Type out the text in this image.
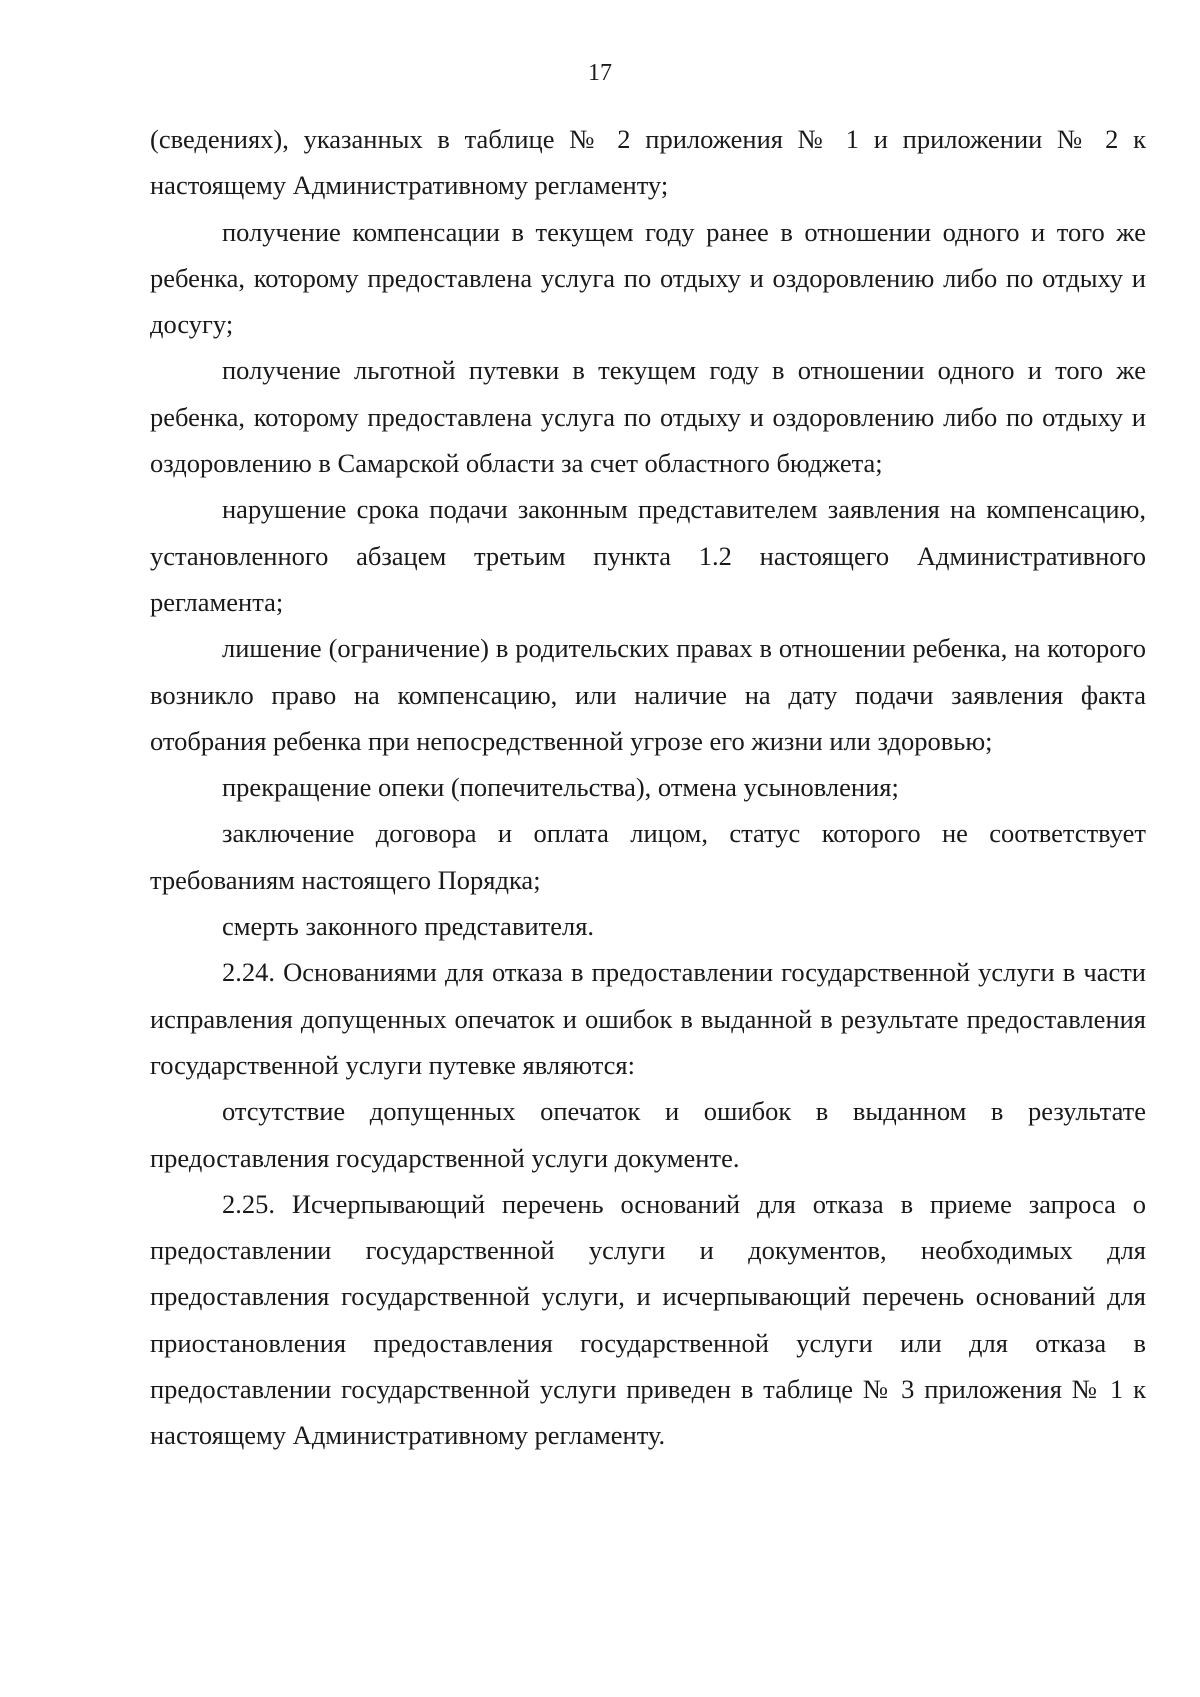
17

(сведениях), указанных в таблице № 2 приложения № 1 и приложении № 2 к настоящему Административному регламенту;

получение компенсации в текущем году ранее в отношении одного и того же ребенка, которому предоставлена услуга по отдыху и оздоровлению либо по отдыху и досугу;

получение льготной путевки в текущем году в отношении одного и того же ребенка, которому предоставлена услуга по отдыху и оздоровлению либо по отдыху и оздоровлению в Самарской области за счет областного бюджета;

нарушение срока подачи законным представителем заявления на компенсацию, установленного абзацем третьим пункта 1.2 настоящего Административного регламента;

лишение (ограничение) в родительских правах в отношении ребенка, на которого возникло право на компенсацию, или наличие на дату подачи заявления факта отобрания ребенка при непосредственной угрозе его жизни или здоровью;

прекращение опеки (попечительства), отмена усыновления;

заключение договора и оплата лицом, статус которого не соответствует требованиям настоящего Порядка;

смерть законного представителя.

2.24. Основаниями для отказа в предоставлении государственной услуги в части исправления допущенных опечаток и ошибок в выданной в результате предоставления государственной услуги путевке являются:

отсутствие допущенных опечаток и ошибок в выданном в результате предоставления государственной услуги документе.

2.25. Исчерпывающий перечень оснований для отказа в приеме запроса о предоставлении государственной услуги и документов, необходимых для предоставления государственной услуги, и исчерпывающий перечень оснований для приостановления предоставления государственной услуги или для отказа в предоставлении государственной услуги приведен в таблице № 3 приложения № 1 к настоящему Административному регламенту.
